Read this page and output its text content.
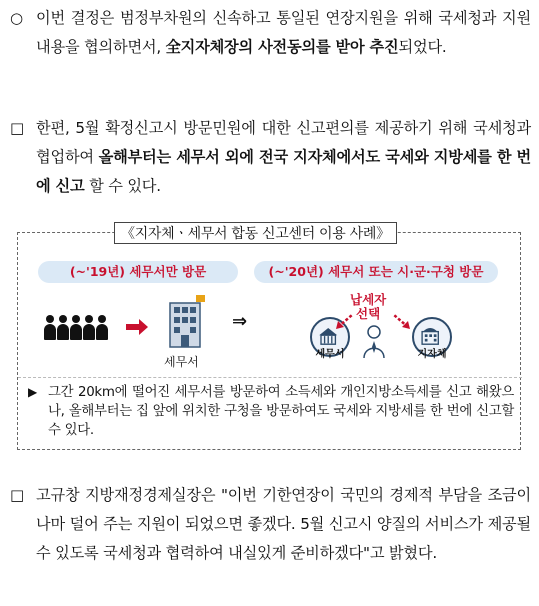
○ 이번 결정은 범정부차원의 신속하고 통일된 연장지원을 위해 국세청과 지원내용을 협의하면서, 全지자체장의 사전동의를 받아 추진되었다.
□ 한편, 5월 확정신고시 방문민원에 대한 신고편의를 제공하기 위해 국세청과 협업하여 올해부터는 세무서 외에 전국 지자체에서도 국세와 지방세를 한 번에 신고 할 수 있다.
《지자체ㆍ세무서 합동 신고센터 이용 사례》
(~'19년) 세무서만 방문	(~'20년) 세무서 또는 시·군·구청 방문
세무서
⇒
세무서
납세자
선택
지자체
▶ 그간 20km에 떨어진 세무서를 방문하여 소득세와 개인지방소득세를 신고 해왔으나, 올해부터는 집 앞에 위치한 구청을 방문하여도 국세와 지방세를 한 번에 신고할 수 있다.
□ 고규창 지방재정경제실장은 "이번 기한연장이 국민의 경제적 부담을 조금이나마 덜어 주는 지원이 되었으면 좋겠다. 5월 신고시 양질의 서비스가 제공될 수 있도록 국세청과 협력하여 내실있게 준비하겠다"고 밝혔다.
